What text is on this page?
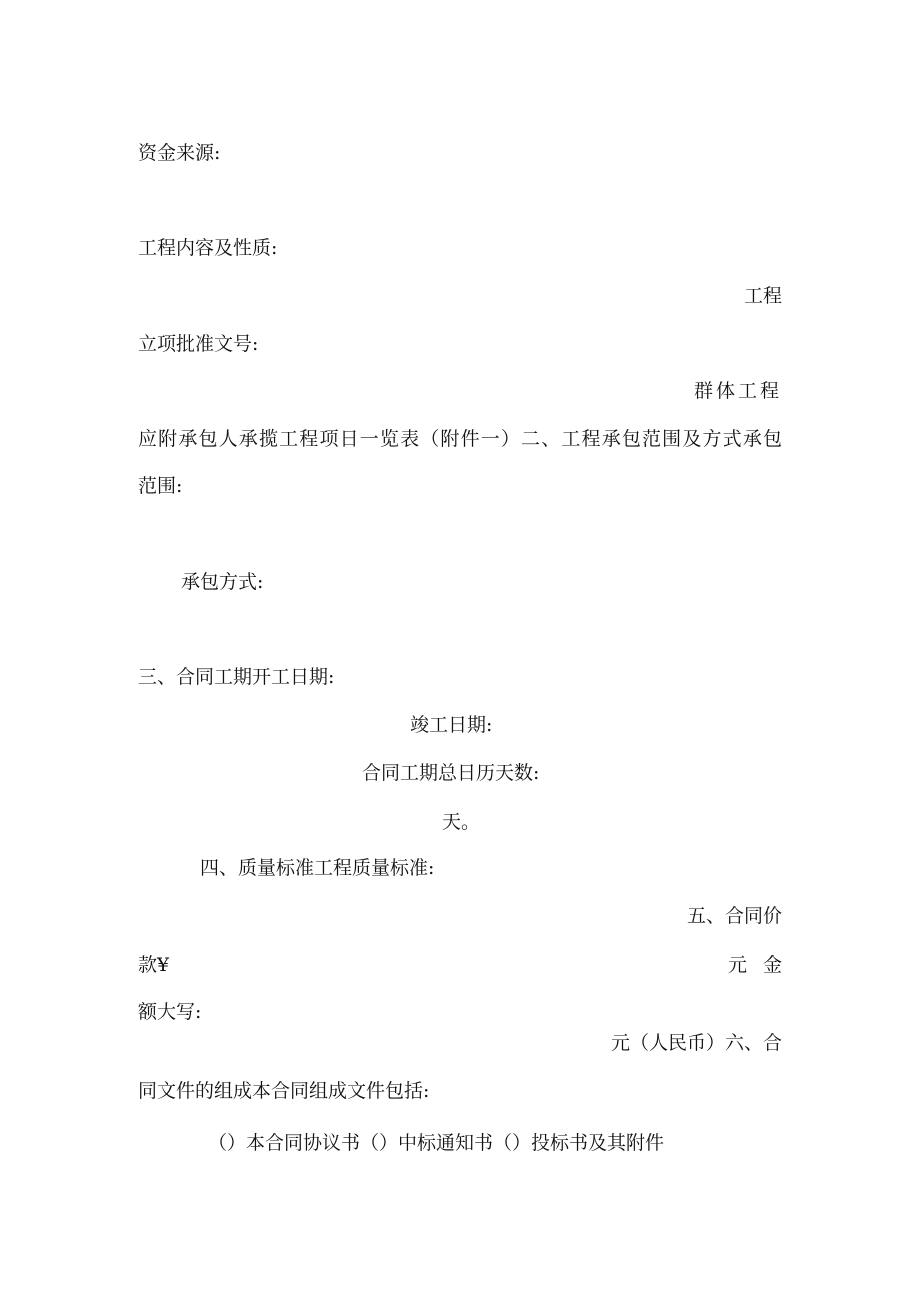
资金来源:
工程内容及性质:
工程
立项批准文号:
群体工程
应附承包人承揽工程项日一览表（附件一）二、工程承包范围及方式承包
范围:
承包方式:
三、合同工期开工日期:
竣工日期:
合同工期总日历天数:
天。
四、质量标准工程质量标准:
五、合同价
款¥	元 金
额大写:
元（人民币）六、合
同文件的组成本合同组成文件包括:
（）本合同协议书（）中标通知书（）投标书及其附件
